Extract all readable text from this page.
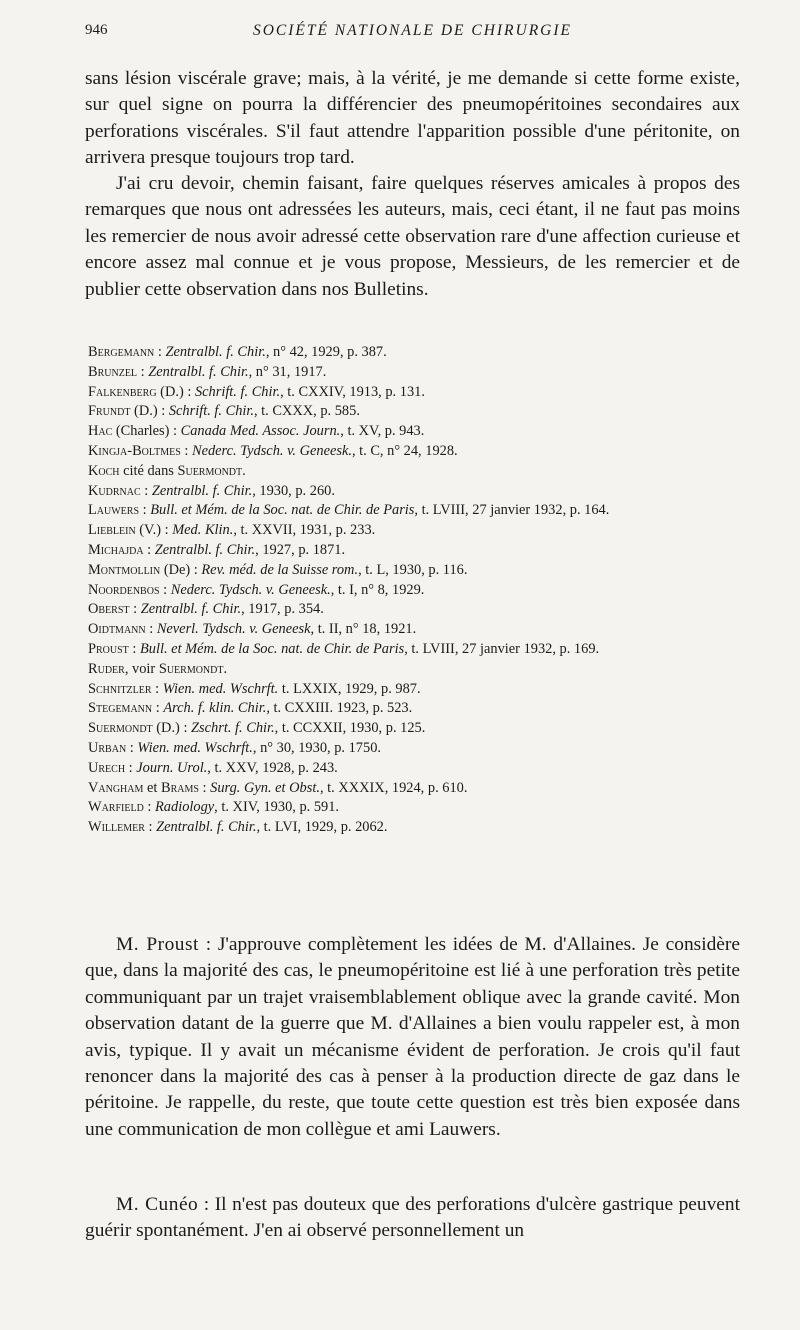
946	SOCIÉTÉ NATIONALE DE CHIRURGIE

sans lésion viscérale grave; mais, à la vérité, je me demande si cette forme existe, sur quel signe on pourra la différencier des pneumopéritoines secondaires aux perforations viscérales. S'il faut attendre l'apparition possible d'une péritonite, on arrivera presque toujours trop tard.

J'ai cru devoir, chemin faisant, faire quelques réserves amicales à propos des remarques que nous ont adressées les auteurs, mais, ceci étant, il ne faut pas moins les remercier de nous avoir adressé cette observation rare d'une affection curieuse et encore assez mal connue et je vous propose, Messieurs, de les remercier et de publier cette observation dans nos Bulletins.

Bergemann : Zentralbl. f. Chir., n° 42, 1929, p. 387.
Brunzel : Zentralbl. f. Chir., n° 31, 1917.
Falkenberg (D.) : Schrift. f. Chir., t. CXXIV, 1913, p. 131.
Frundt (D.) : Schrift. f. Chir., t. CXXX, p. 585.
Hac (Charles) : Canada Med. Assoc. Journ., t. XV, p. 943.
Kingja-Boltmes : Nederc. Tydsch. v. Geneesk., t. C, n° 24, 1928.
Koch cité dans Suermondt.
Kudrnac : Zentralbl. f. Chir., 1930, p. 260.
Lauwers : Bull. et Mém. de la Soc. nat. de Chir. de Paris, t. LVIII, 27 janvier 1932, p. 164.
Lieblein (V.) : Med. Klin., t. XXVII, 1931, p. 233.
Michajda : Zentralbl. f. Chir., 1927, p. 1871.
Montmollin (De) : Rev. méd. de la Suisse rom., t. L, 1930, p. 116.
Noordenbos : Nederc. Tydsch. v. Geneesk., t. I, n° 8, 1929.
Oberst : Zentralbl. f. Chir., 1917, p. 354.
Oidtmann : Neverl. Tydsch. v. Geneesk, t. II, n° 18, 1921.
Proust : Bull. et Mém. de la Soc. nat. de Chir. de Paris, t. LVIII, 27 janvier 1932, p. 169.
Ruder, voir Suermondt.
Schnitzler : Wien. med. Wschrft. t. LXXIX, 1929, p. 987.
Stegemann : Arch. f. klin. Chir., t. CXXIII. 1923, p. 523.
Suermondt (D.) : Zschrt. f. Chir., t. CCXXII, 1930, p. 125.
Urban : Wien. med. Wschrft., n° 30, 1930, p. 1750.
Urech : Journ. Urol., t. XXV, 1928, p. 243.
Vangham et Brams : Surg. Gyn. et Obst., t. XXXIX, 1924, p. 610.
Warfield : Radiology, t. XIV, 1930, p. 591.
Willemer : Zentralbl. f. Chir., t. LVI, 1929, p. 2062.

M. Proust : J'approuve complètement les idées de M. d'Allaines. Je considère que, dans la majorité des cas, le pneumopéritoine est lié à une perforation très petite communiquant par un trajet vraisemblablement oblique avec la grande cavité. Mon observation datant de la guerre que M. d'Allaines a bien voulu rappeler est, à mon avis, typique. Il y avait un mécanisme évident de perforation. Je crois qu'il faut renoncer dans la majorité des cas à penser à la production directe de gaz dans le péritoine. Je rappelle, du reste, que toute cette question est très bien exposée dans une communication de mon collègue et ami Lauwers.

M. Cunéo : Il n'est pas douteux que des perforations d'ulcère gastrique peuvent guérir spontanément. J'en ai observé personnellement un
